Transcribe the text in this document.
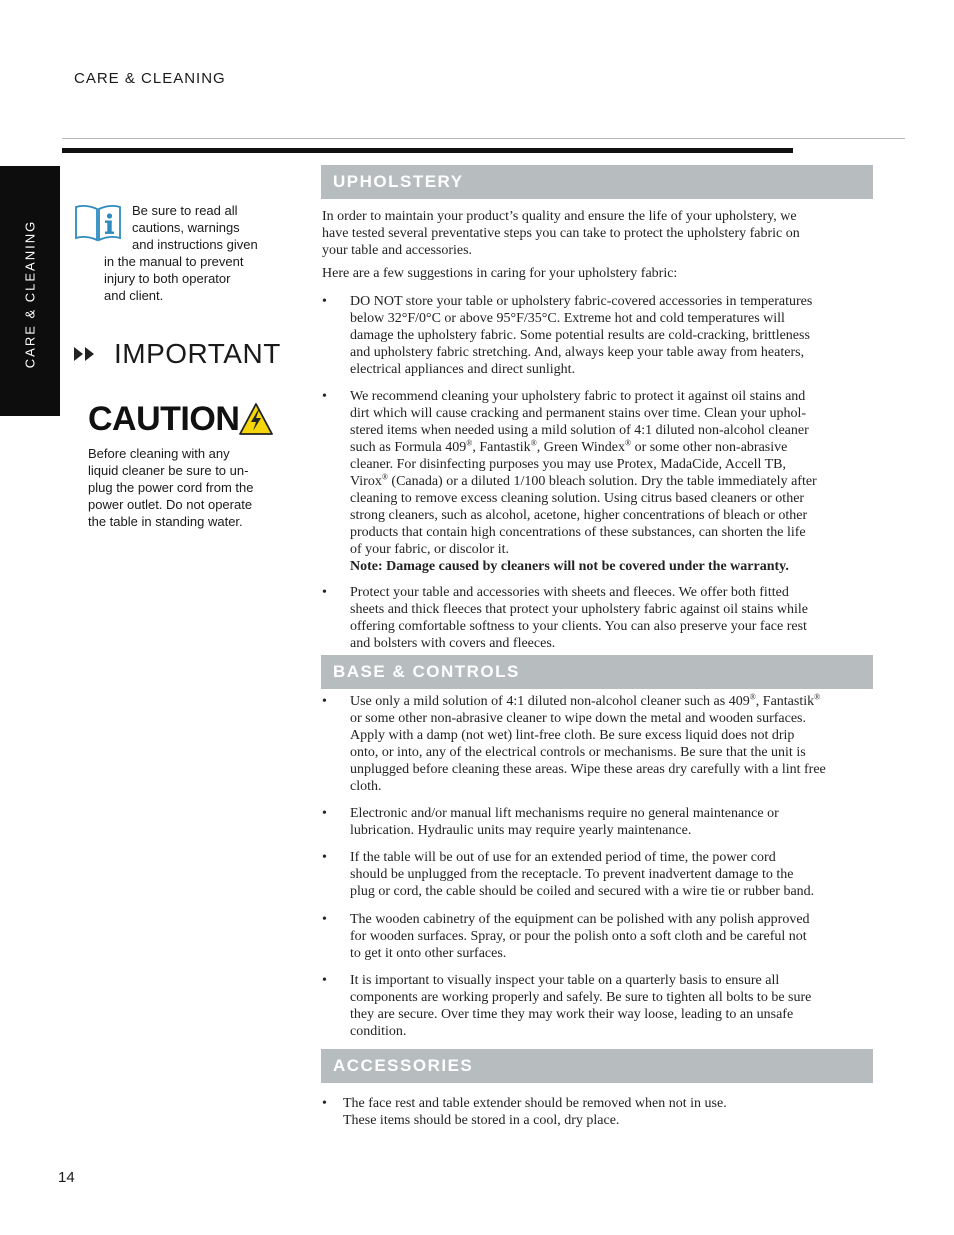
CARE & CLEANING
CARE & CLEANING
Be sure to read all
cautions, warnings
and instructions given
in the manual to prevent
injury to both operator
and client.
IMPORTANT
CAUTION
Before cleaning with any
liquid cleaner be sure to un-
plug the power cord from the
power outlet. Do not operate
the table in standing water.
UPHOLSTERY
In order to maintain your product’s quality and ensure the life of your upholstery, we
have tested several preventative steps you can take to protect the upholstery fabric on
your table and accessories.
Here are a few suggestions in caring for your upholstery fabric:
• DO NOT store your table or upholstery fabric-covered accessories in temperatures
below 32°F/0°C or above 95°F/35°C. Extreme hot and cold temperatures will
damage the upholstery fabric. Some potential results are cold-cracking, brittleness
and upholstery fabric stretching. And, always keep your table away from heaters,
electrical appliances and direct sunlight.
• We recommend cleaning your upholstery fabric to protect it against oil stains and
dirt which will cause cracking and permanent stains over time. Clean your uphol-
stered items when needed using a mild solution of 4:1 diluted non-alcohol cleaner
such as Formula 409®, Fantastik®, Green Windex® or some other non-abrasive
cleaner. For disinfecting purposes you may use Protex, MadaCide, Accell TB,
Virox® (Canada) or a diluted 1/100 bleach solution. Dry the table immediately after
cleaning to remove excess cleaning solution. Using citrus based cleaners or other
strong cleaners, such as alcohol, acetone, higher concentrations of bleach or other
products that contain high concentrations of these substances, can shorten the life
of your fabric, or discolor it.
Note: Damage caused by cleaners will not be covered under the warranty.
• Protect your table and accessories with sheets and fleeces. We offer both fitted
sheets and thick fleeces that protect your upholstery fabric against oil stains while
offering comfortable softness to your clients. You can also preserve your face rest
and bolsters with covers and fleeces.
BASE & CONTROLS
• Use only a mild solution of 4:1 diluted non-alcohol cleaner such as 409®, Fantastik®
or some other non-abrasive cleaner to wipe down the metal and wooden surfaces.
Apply with a damp (not wet) lint-free cloth. Be sure excess liquid does not drip
onto, or into, any of the electrical controls or mechanisms. Be sure that the unit is
unplugged before cleaning these areas. Wipe these areas dry carefully with a lint free
cloth.
• Electronic and/or manual lift mechanisms require no general maintenance or
lubrication. Hydraulic units may require yearly maintenance.
• If the table will be out of use for an extended period of time, the power cord
should be unplugged from the receptacle. To prevent inadvertent damage to the
plug or cord, the cable should be coiled and secured with a wire tie or rubber band.
• The wooden cabinetry of the equipment can be polished with any polish approved
for wooden surfaces. Spray, or pour the polish onto a soft cloth and be careful not
to get it onto other surfaces.
• It is important to visually inspect your table on a quarterly basis to ensure all
components are working properly and safely. Be sure to tighten all bolts to be sure
they are secure. Over time they may work their way loose, leading to an unsafe
condition.
ACCESSORIES
• The face rest and table extender should be removed when not in use.
These items should be stored in a cool, dry place.
14
